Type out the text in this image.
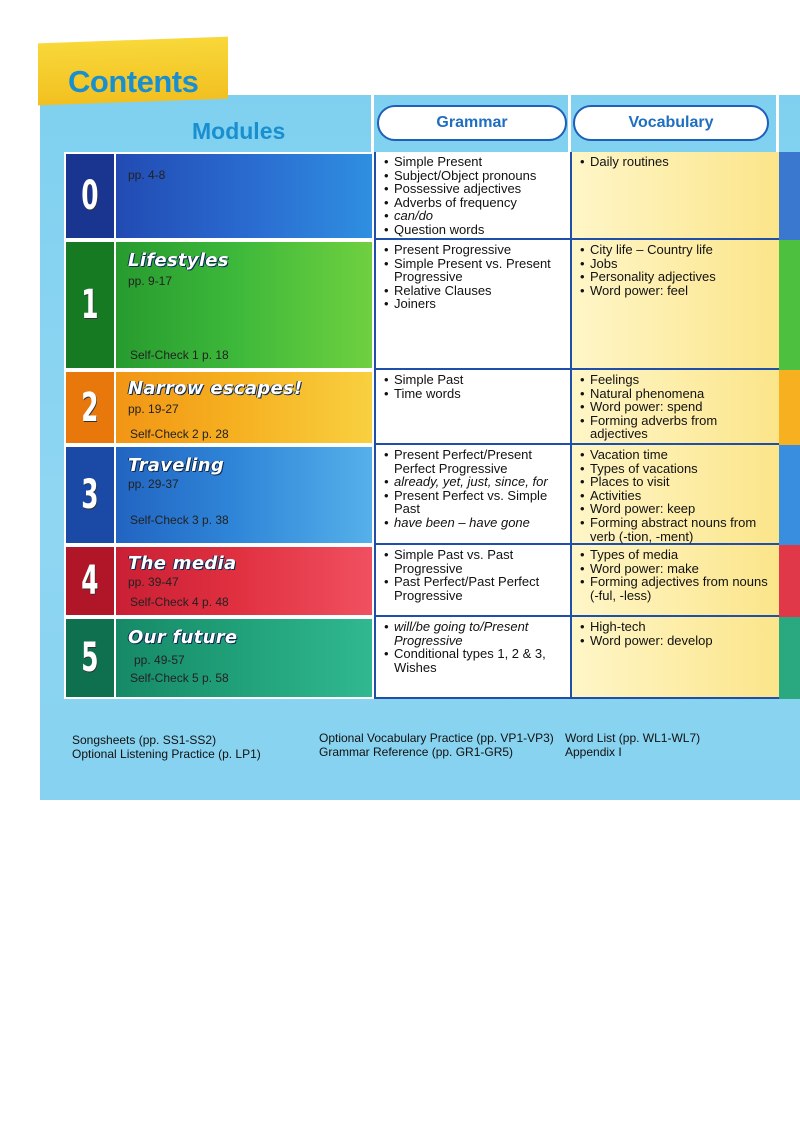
Contents
Modules	Grammar	Vocabulary
0 pp. 4-8
1
Lifestyles
pp. 9-17
Self-Check 1 p. 18
2 Narrow escapes!
pp. 19-27
Self-Check 2 p. 28
3
Traveling
pp. 29-37
Self-Check 3 p. 38
4 The media
pp. 39-47
Self-Check 4 p. 48
5 Our future
pp. 49-57
Self-Check 5 p. 58
• Simple Present
• Subject/Object pronouns
• Possessive adjectives
• Adverbs of frequency
• can/do
• Question words
• Present Progressive
• Simple Present vs. Present Progressive
• Relative Clauses
• Joiners
• Simple Past
• Time words
• Present Perfect/Present Perfect Progressive
• already, yet, just, since, for
• Present Perfect vs. Simple Past
• have been – have gone
• Simple Past vs. Past Progressive
• Past Perfect/Past Perfect Progressive
• will/be going to/Present Progressive
• Conditional types 1, 2 & 3, Wishes
• Daily routines
• City life – Country life
• Jobs
• Personality adjectives
• Word power: feel
• Feelings
• Natural phenomena
• Word power: spend
• Forming adverbs from adjectives
• Vacation time
• Types of vacations
• Places to visit
• Activities
• Word power: keep
• Forming abstract nouns from verb (-tion, -ment)
• Types of media
• Word power: make
• Forming adjectives from nouns (-ful, -less)
• High-tech
• Word power: develop
Songsheets (pp. SS1-SS2)
Optional Listening Practice (p. LP1)
Optional Vocabulary Practice (pp. VP1-VP3)
Grammar Reference (pp. GR1-GR5)
Word List (pp. WL1-WL7)
Appendix I
